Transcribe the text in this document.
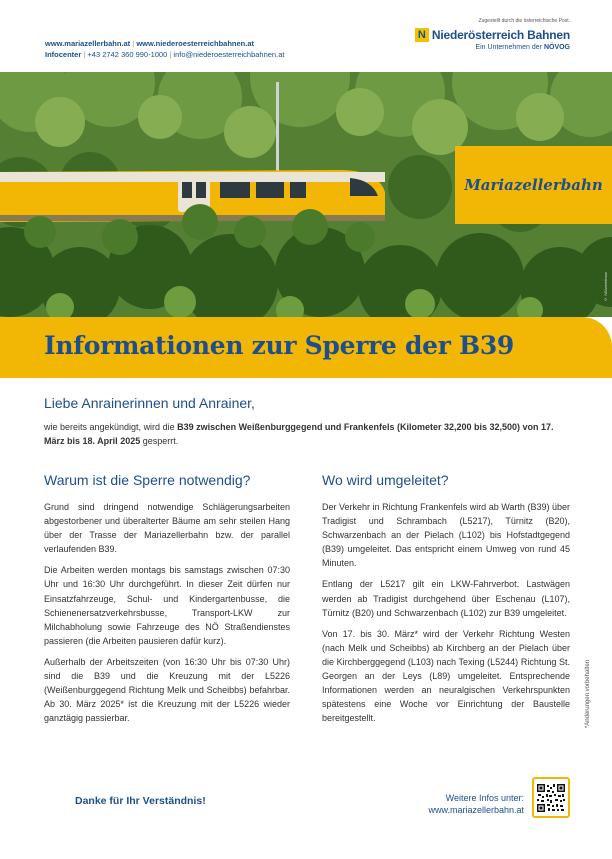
www.mariazellerbahn.at | www.niederoesterreichbahnen.at
Infocenter | +43 2742 360 990-1000 | info@niederoesterreichbahnen.at
Zugestellt durch die österreichische Post.
N Niederösterreich Bahnen
Ein Unternehmen der NÖVOG
© NB/weinfranz
Mariazellerbahn
Informationen zur Sperre der B39
Liebe Anrainerinnen und Anrainer,
wie bereits angekündigt, wird die B39 zwischen Weißenburggegend und Frankenfels (Kilometer 32,200 bis 32,500) von 17. März bis 18. April 2025 gesperrt.
Warum ist die Sperre notwendig?

Grund sind dringend notwendige Schlägerungsarbeiten abgestorbener und überalterter Bäume am sehr steilen Hang über der Trasse der Mariazellerbahn bzw. der parallel verlaufenden B39.

Die Arbeiten werden montags bis samstags zwischen 07:30 Uhr und 16:30 Uhr durchgeführt. In dieser Zeit dürfen nur Einsatzfahrzeuge, Schul- und Kindergartenbusse, die Schienenersatzverkehrsbusse, Transport-LKW zur Milchabholung sowie Fahrzeuge des NÖ Straßendienstes passieren (die Arbeiten pausieren dafür kurz).

Außerhalb der Arbeitszeiten (von 16:30 Uhr bis 07:30 Uhr) sind die B39 und die Kreuzung mit der L5226 (Weißenburggegend Richtung Melk und Scheibbs) befahrbar. Ab 30. März 2025* ist die Kreuzung mit der L5226 wieder ganztägig passierbar.

Wo wird umgeleitet?

Der Verkehr in Richtung Frankenfels wird ab Warth (B39) über Tradigist und Schrambach (L5217), Türnitz (B20), Schwarzenbach an der Pielach (L102) bis Hofstadtgegend (B39) umgeleitet. Das entspricht einem Umweg von rund 45 Minuten.

Entlang der L5217 gilt ein LKW-Fahrverbot. Lastwägen werden ab Tradigist durchgehend über Eschenau (L107), Türnitz (B20) und Schwarzenbach (L102) zur B39 umgeleitet.

Von 17. bis 30. März* wird der Verkehr Richtung Westen (nach Melk und Scheibbs) ab Kirchberg an der Pielach über die Kirchberggegend (L103) nach Texing (L5244) Richtung St. Georgen an der Leys (L89) umgeleitet. Entsprechende Informationen werden an neuralgischen Verkehrspunkten spätestens eine Woche vor Einrichtung der Baustelle bereitgestellt.	*Änderungen vorbehalten
Danke für Ihr Verständnis!	Weitere Infos unter:
www.mariazellerbahn.at
